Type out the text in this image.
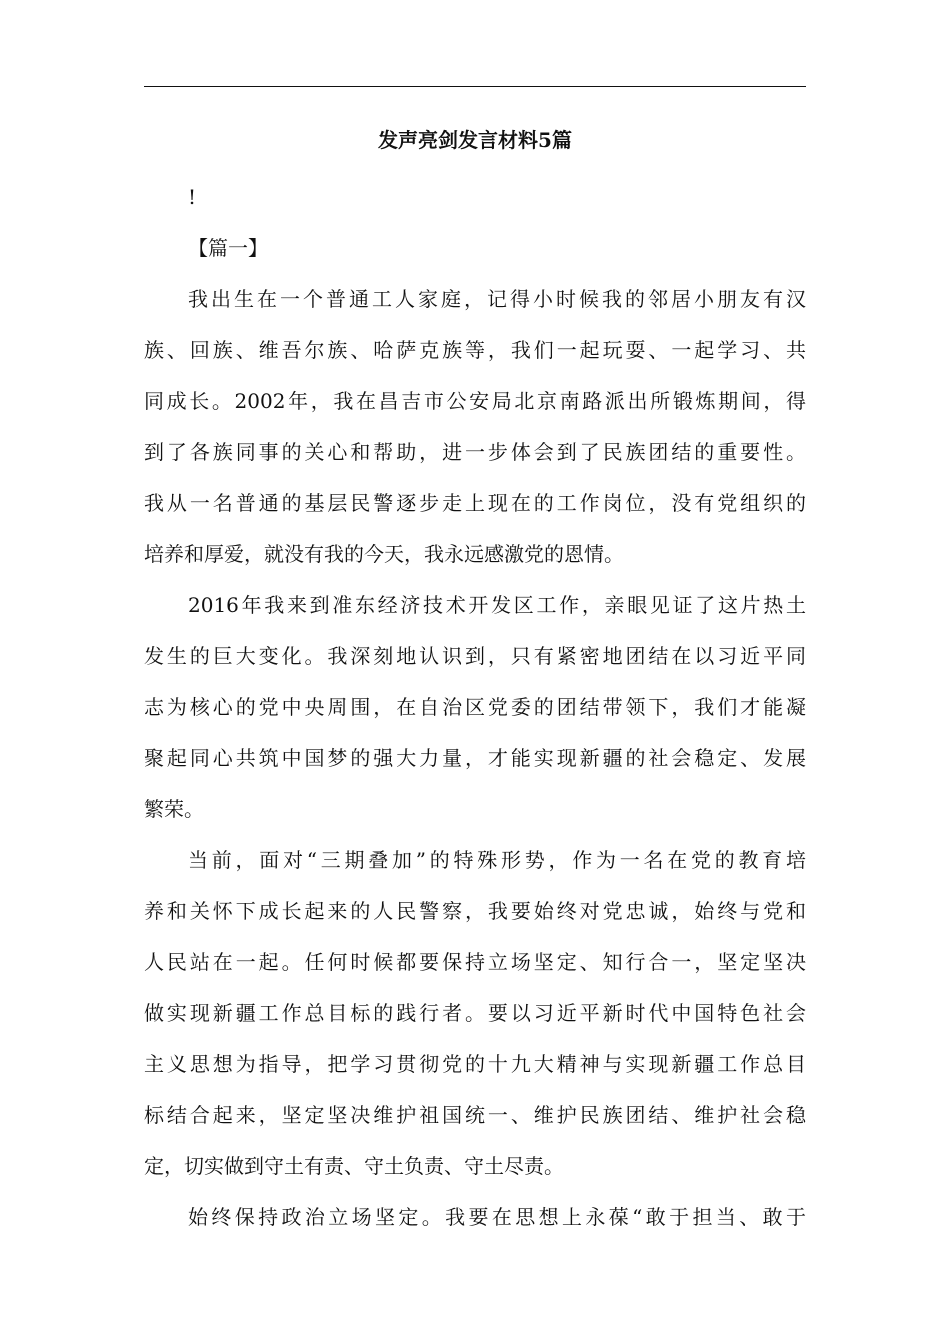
发声亮剑发言材料5篇
!
【篇一】
我出生在一个普通工人家庭，记得小时候我的邻居小朋友有汉
族、回族、维吾尔族、哈萨克族等，我们一起玩耍、一起学习、共
同成长。2002年，我在昌吉市公安局北京南路派出所锻炼期间，得
到了各族同事的关心和帮助，进一步体会到了民族团结的重要性。
我从一名普通的基层民警逐步走上现在的工作岗位，没有党组织的
培养和厚爱，就没有我的今天，我永远感激党的恩情。
2016年我来到准东经济技术开发区工作，亲眼见证了这片热土
发生的巨大变化。我深刻地认识到，只有紧密地团结在以习近平同
志为核心的党中央周围，在自治区党委的团结带领下，我们才能凝
聚起同心共筑中国梦的强大力量，才能实现新疆的社会稳定、发展
繁荣。
当前，面对“三期叠加”的特殊形势，作为一名在党的教育培
养和关怀下成长起来的人民警察，我要始终对党忠诚，始终与党和
人民站在一起。任何时候都要保持立场坚定、知行合一，坚定坚决
做实现新疆工作总目标的践行者。要以习近平新时代中国特色社会
主义思想为指导，把学习贯彻党的十九大精神与实现新疆工作总目
标结合起来，坚定坚决维护祖国统一、维护民族团结、维护社会稳
定，切实做到守土有责、守土负责、守土尽责。
始终保持政治立场坚定。我要在思想上永葆“敢于担当、敢于
